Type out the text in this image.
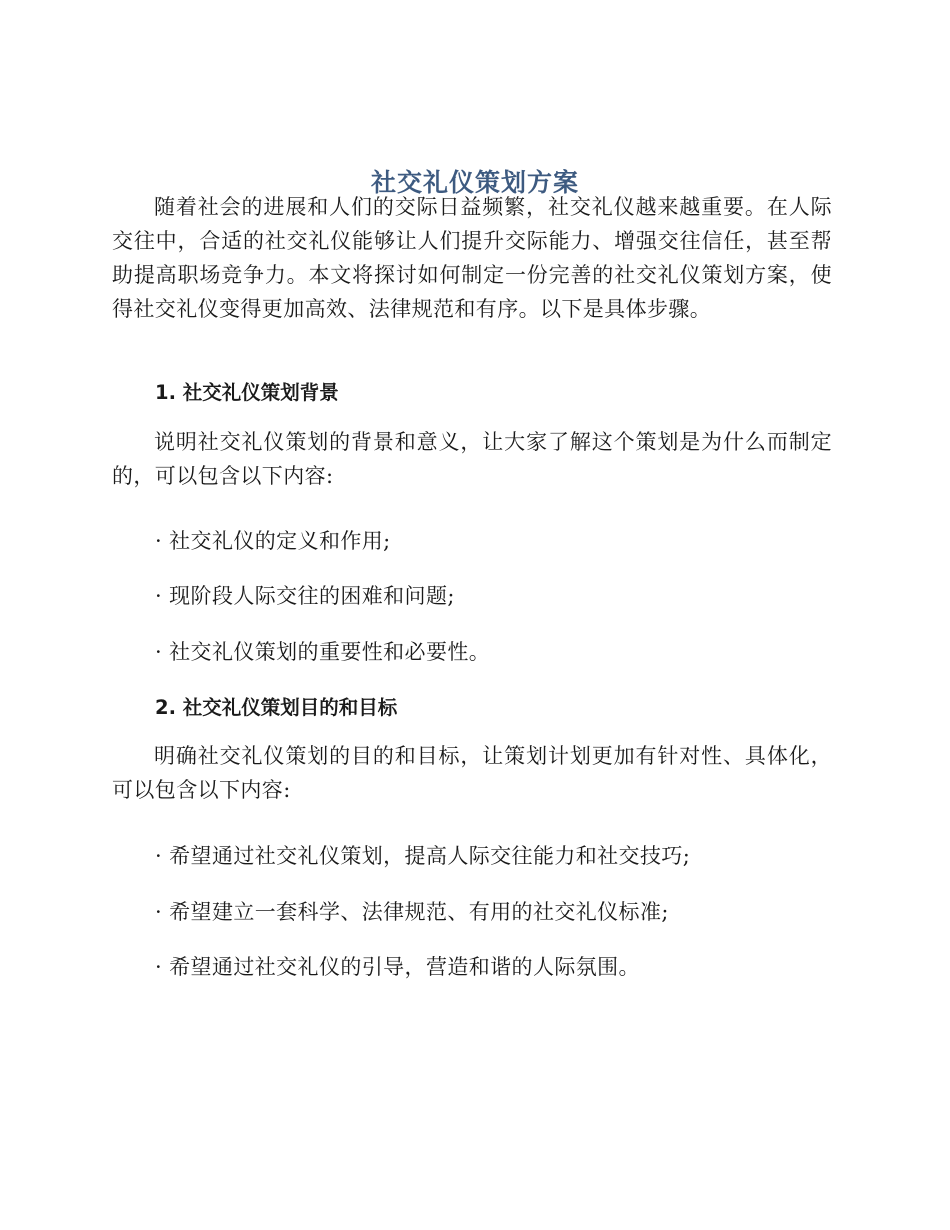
社交礼仪策划方案

随着社会的进展和人们的交际日益频繁，社交礼仪越来越重要。在人际交往中，合适的社交礼仪能够让人们提升交际能力、增强交往信任，甚至帮助提高职场竞争力。本文将探讨如何制定一份完善的社交礼仪策划方案，使得社交礼仪变得更加高效、法律规范和有序。以下是具体步骤。

1. 社交礼仪策划背景

说明社交礼仪策划的背景和意义，让大家了解这个策划是为什么而制定的，可以包含以下内容:

· 社交礼仪的定义和作用;

· 现阶段人际交往的困难和问题;

· 社交礼仪策划的重要性和必要性。

2. 社交礼仪策划目的和目标

明确社交礼仪策划的目的和目标，让策划计划更加有针对性、具体化，可以包含以下内容:

· 希望通过社交礼仪策划，提高人际交往能力和社交技巧;

· 希望建立一套科学、法律规范、有用的社交礼仪标准;

· 希望通过社交礼仪的引导，营造和谐的人际氛围。
